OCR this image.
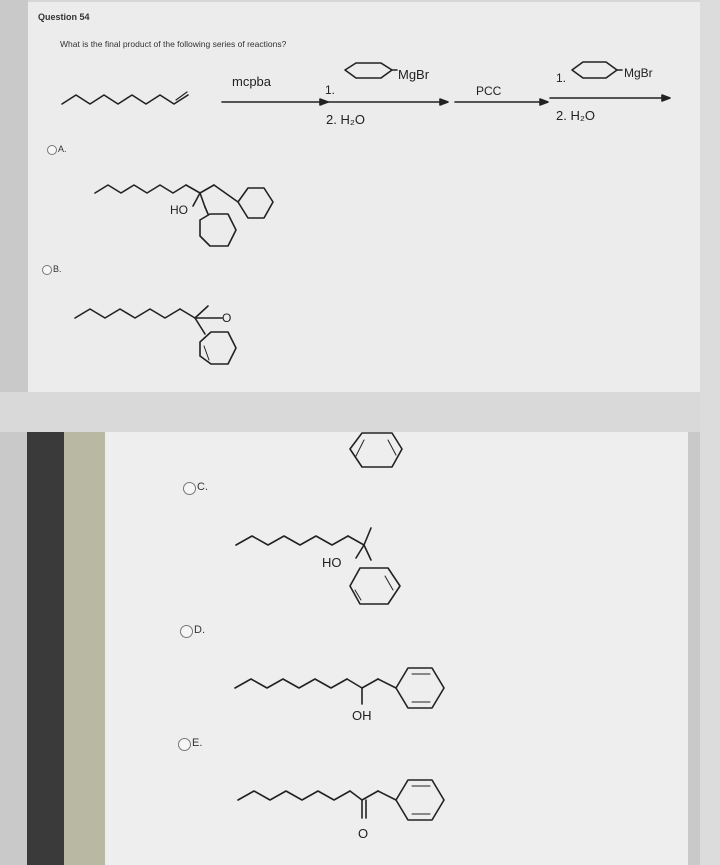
Question 54
What is the final product of the following series of reactions?
A.
B.
C.
D.
E.
mcpba
1.
MgBr
2. H₂O
PCC
1.	MgBr
2. H₂O
HO
O
HO
OH
O
